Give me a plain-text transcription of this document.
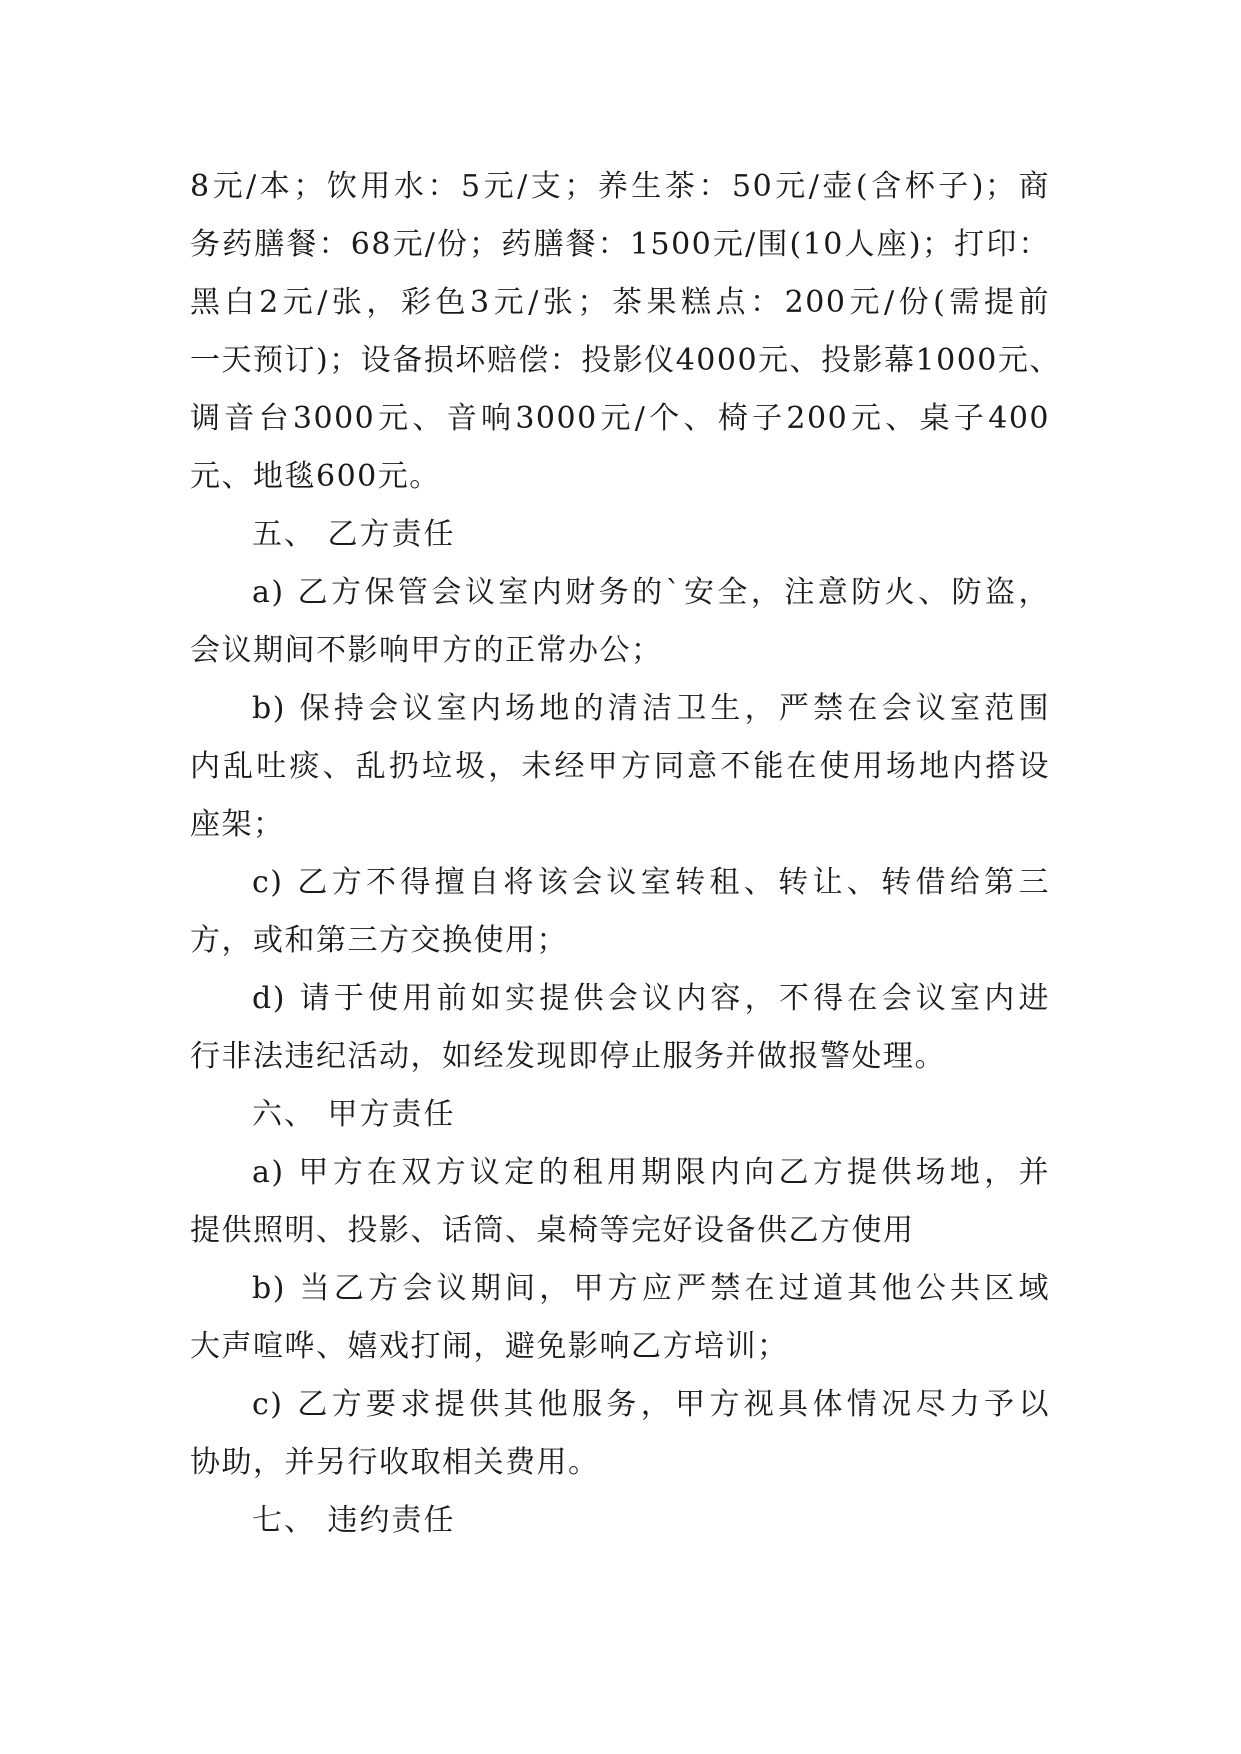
8元/本；饮用水：5元/支；养生茶：50元/壶(含杯子)；商
务药膳餐：68元/份；药膳餐：1500元/围(10人座)；打印：
黑白2元/张，彩色3元/张；茶果糕点：200元/份(需提前
一天预订)；设备损坏赔偿：投影仪4000元、投影幕1000元、
调音台3000元、音响3000元/个、椅子200元、桌子400
元、地毯600元。
五、 乙方责任
a) 乙方保管会议室内财务的`安全，注意防火、防盗，
会议期间不影响甲方的正常办公；
b) 保持会议室内场地的清洁卫生，严禁在会议室范围
内乱吐痰、乱扔垃圾，未经甲方同意不能在使用场地内搭设
座架；
c) 乙方不得擅自将该会议室转租、转让、转借给第三
方，或和第三方交换使用；
d) 请于使用前如实提供会议内容，不得在会议室内进
行非法违纪活动，如经发现即停止服务并做报警处理。
六、 甲方责任
a) 甲方在双方议定的租用期限内向乙方提供场地，并
提供照明、投影、话筒、桌椅等完好设备供乙方使用
b) 当乙方会议期间，甲方应严禁在过道其他公共区域
大声喧哗、嬉戏打闹，避免影响乙方培训；
c) 乙方要求提供其他服务，甲方视具体情况尽力予以
协助，并另行收取相关费用。
七、 违约责任
